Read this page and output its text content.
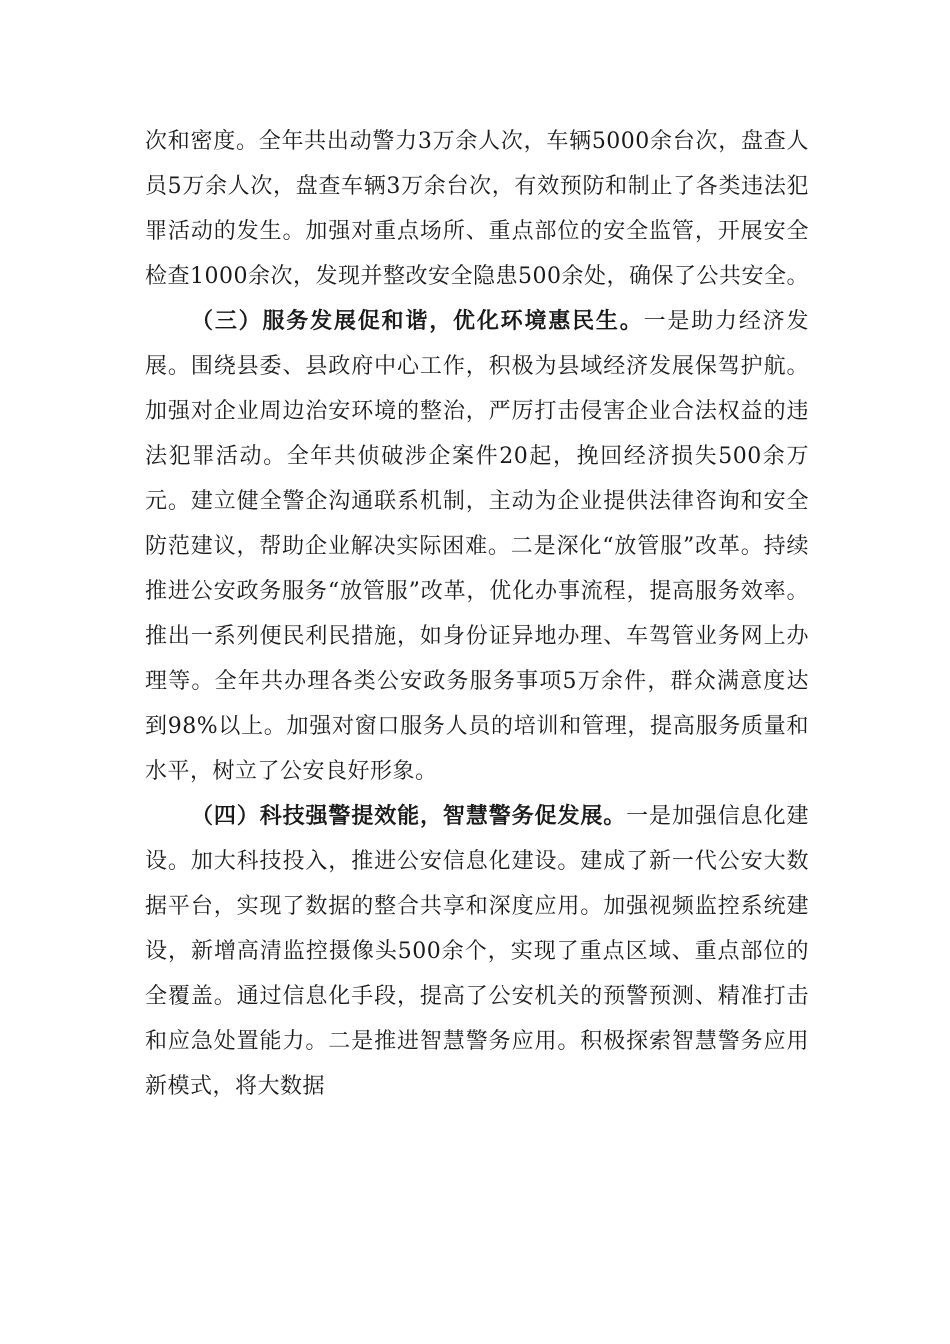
次和密度。全年共出动警力3万余人次，车辆5000余台次，盘查人员5万余人次，盘查车辆3万余台次，有效预防和制止了各类违法犯罪活动的发生。加强对重点场所、重点部位的安全监管，开展安全检查1000余次，发现并整改安全隐患500余处，确保了公共安全。

（三）服务发展促和谐，优化环境惠民生。一是助力经济发展。围绕县委、县政府中心工作，积极为县域经济发展保驾护航。加强对企业周边治安环境的整治，严厉打击侵害企业合法权益的违法犯罪活动。全年共侦破涉企案件20起，挽回经济损失500余万元。建立健全警企沟通联系机制，主动为企业提供法律咨询和安全防范建议，帮助企业解决实际困难。二是深化“放管服”改革。持续推进公安政务服务“放管服”改革，优化办事流程，提高服务效率。推出一系列便民利民措施，如身份证异地办理、车驾管业务网上办理等。全年共办理各类公安政务服务事项5万余件，群众满意度达到98%以上。加强对窗口服务人员的培训和管理，提高服务质量和水平，树立了公安良好形象。

（四）科技强警提效能，智慧警务促发展。一是加强信息化建设。加大科技投入，推进公安信息化建设。建成了新一代公安大数据平台，实现了数据的整合共享和深度应用。加强视频监控系统建设，新增高清监控摄像头500余个，实现了重点区域、重点部位的全覆盖。通过信息化手段，提高了公安机关的预警预测、精准打击和应急处置能力。二是推进智慧警务应用。积极探索智慧警务应用新模式，将大数据
